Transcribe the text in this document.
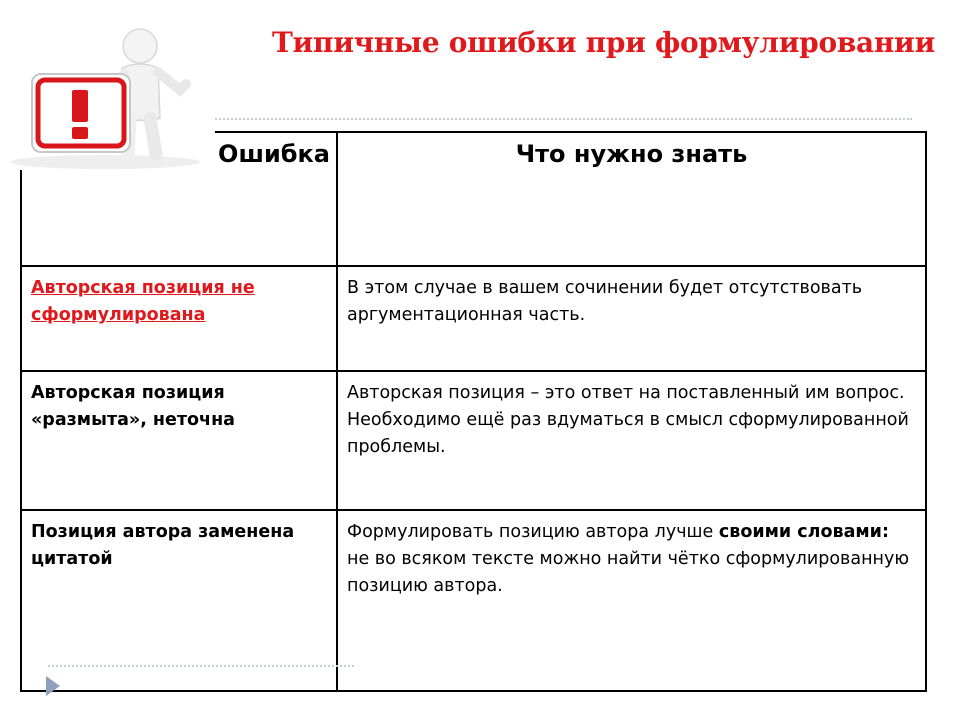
Типичные ошибки при формулировании
Ошибка	Что нужно знать
Авторская позиция не сформулирована	В этом случае в вашем сочинении будет отсутствовать аргументационная часть.
Авторская позиция «размыта», неточна	Авторская позиция – это ответ на поставленный им вопрос. Необходимо ещё раз вдуматься в смысл сформулированной проблемы.
Позиция автора заменена цитатой	Формулировать позицию автора лучше своими словами: не во всяком тексте можно найти чётко сформулированную позицию автора.
